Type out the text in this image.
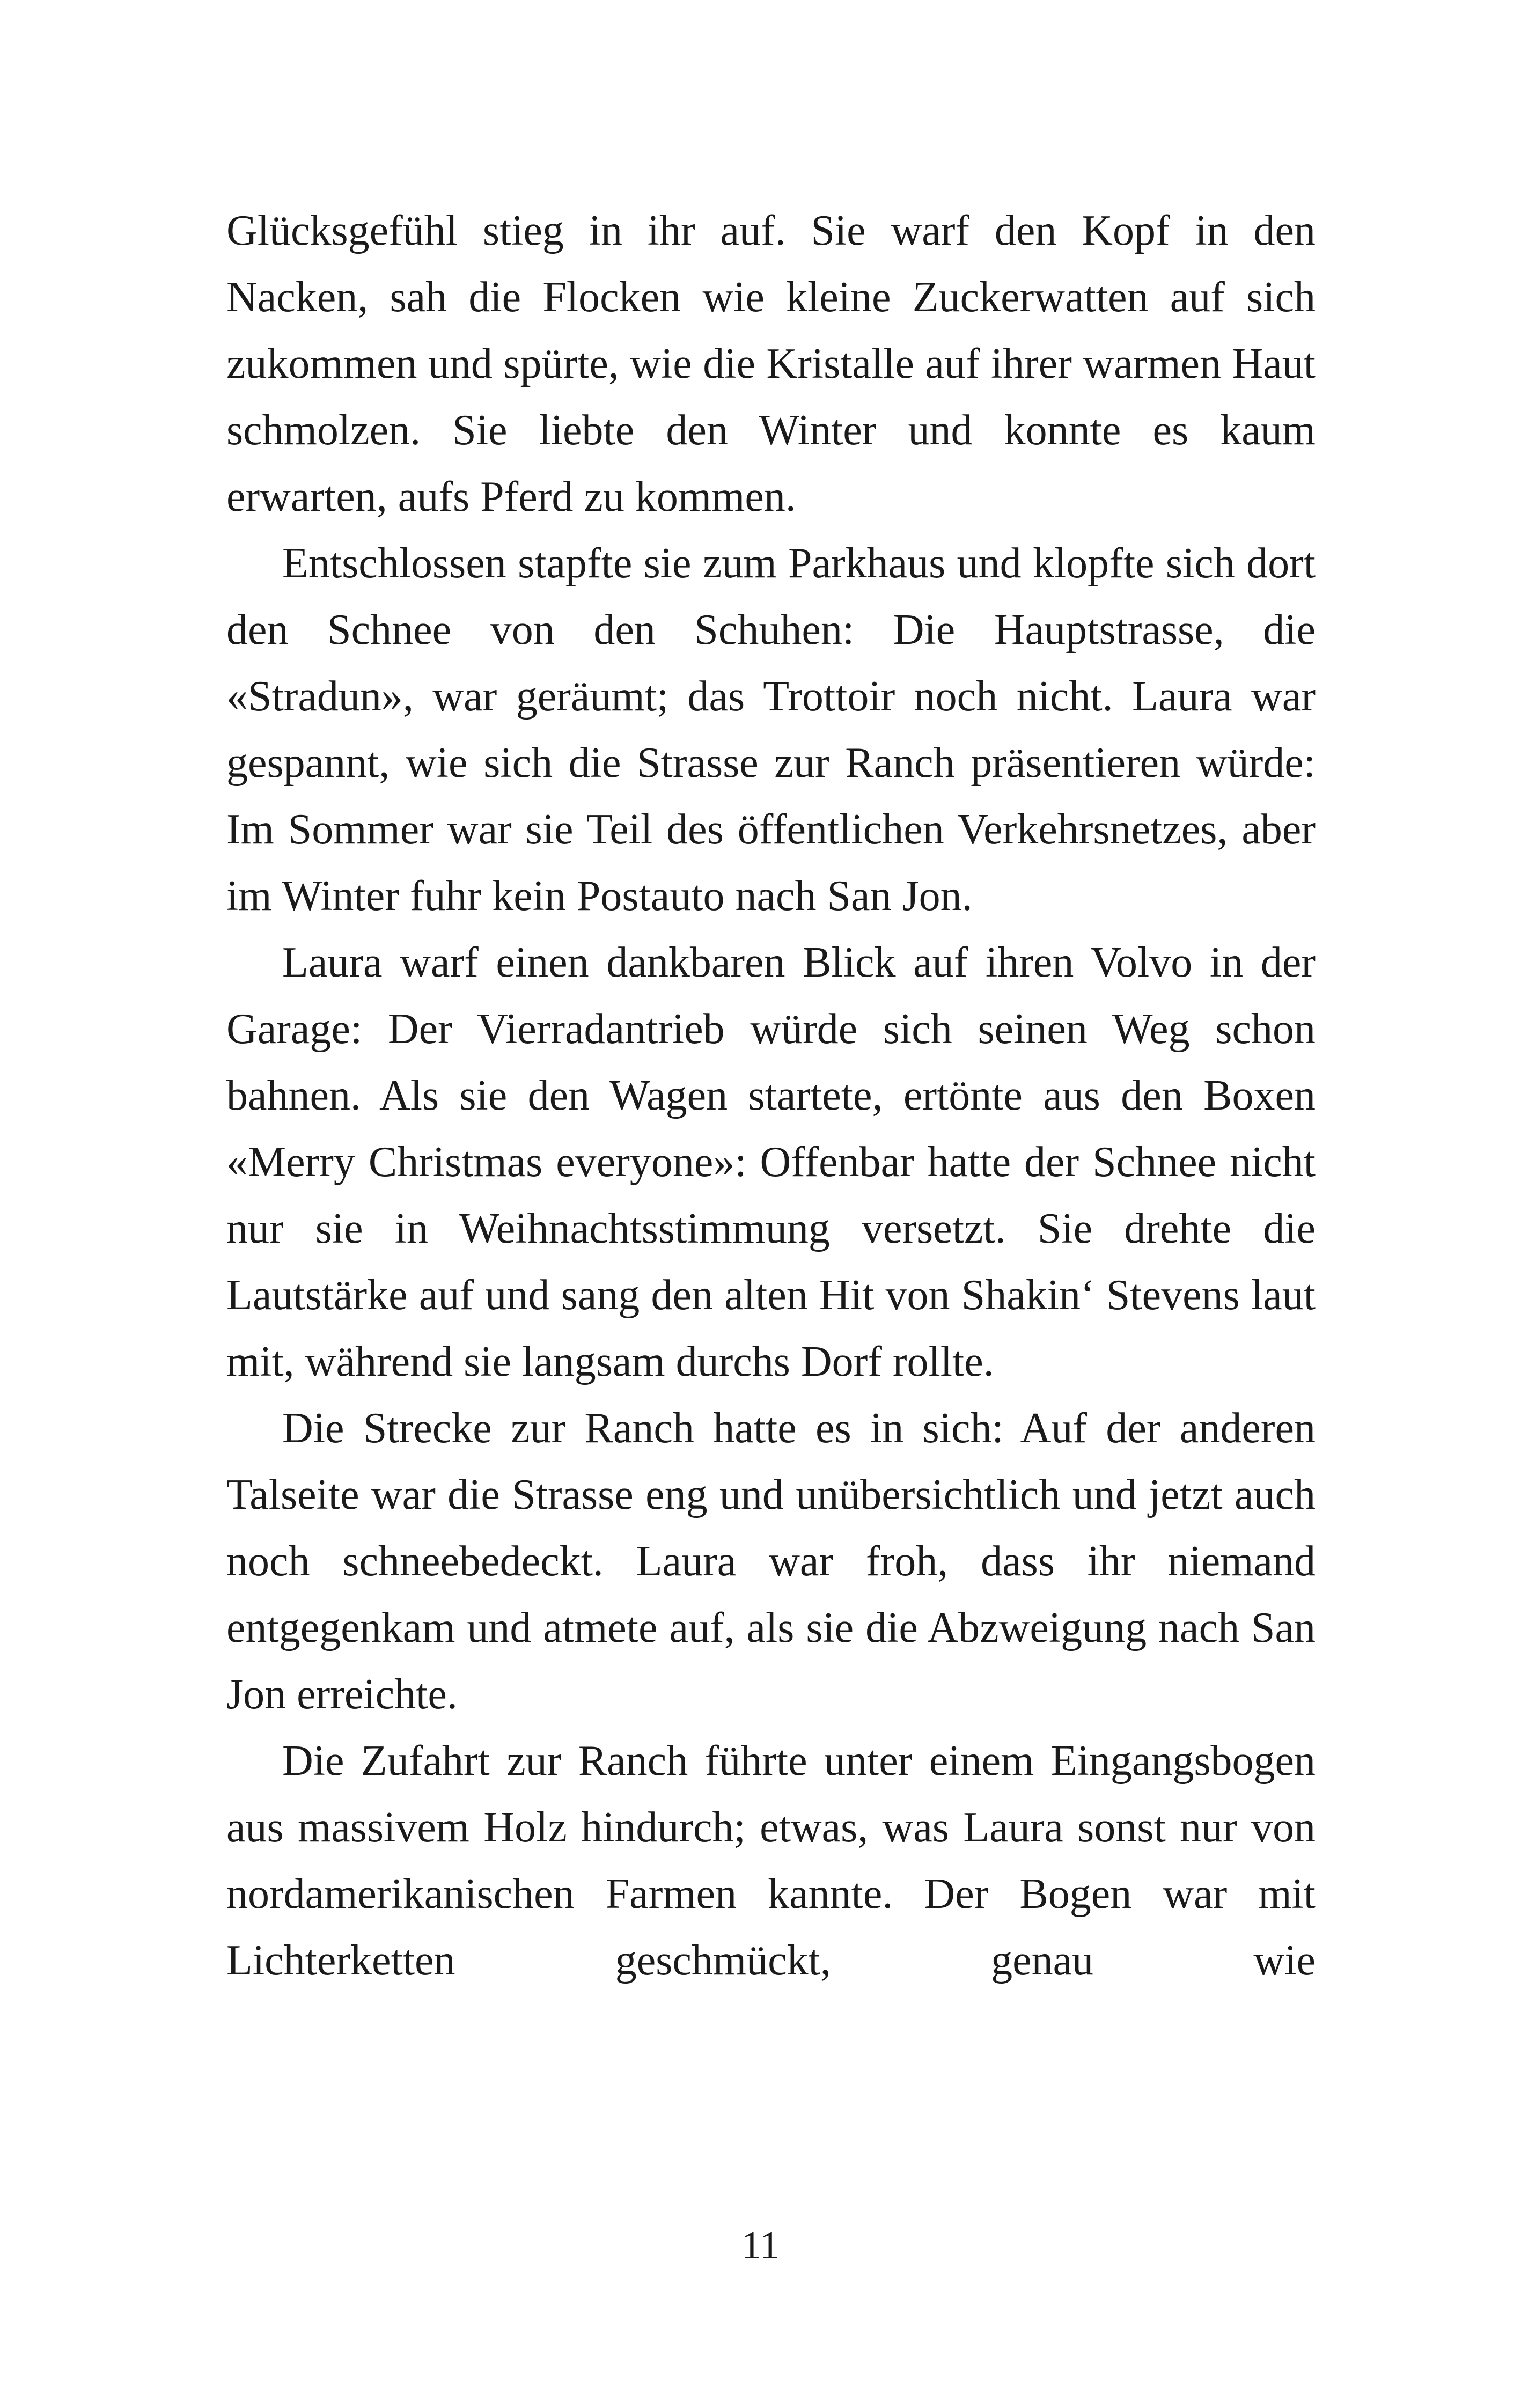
Glücksgefühl stieg in ihr auf. Sie warf den Kopf in den Nacken, sah die Flocken wie kleine Zuckerwatten auf sich zukommen und spürte, wie die Kristalle auf ihrer warmen Haut schmolzen. Sie liebte den Winter und konnte es kaum erwarten, aufs Pferd zu kommen.

Entschlossen stapfte sie zum Parkhaus und klopfte sich dort den Schnee von den Schuhen: Die Hauptstrasse, die «Stradun», war geräumt; das Trottoir noch nicht. Laura war gespannt, wie sich die Strasse zur Ranch präsentieren würde: Im Sommer war sie Teil des öffentlichen Verkehrsnetzes, aber im Winter fuhr kein Postauto nach San Jon.

Laura warf einen dankbaren Blick auf ihren Volvo in der Garage: Der Vierradantrieb würde sich seinen Weg schon bahnen. Als sie den Wagen startete, ertönte aus den Boxen «Merry Christmas everyone»: Offenbar hatte der Schnee nicht nur sie in Weihnachtsstimmung versetzt. Sie drehte die Lautstärke auf und sang den alten Hit von Shakin‘ Stevens laut mit, während sie langsam durchs Dorf rollte.

Die Strecke zur Ranch hatte es in sich: Auf der anderen Talseite war die Strasse eng und unübersichtlich und jetzt auch noch schneebedeckt. Laura war froh, dass ihr niemand entgegenkam und atmete auf, als sie die Abzweigung nach San Jon erreichte.

Die Zufahrt zur Ranch führte unter einem Eingangsbogen aus massivem Holz hindurch; etwas, was Laura sonst nur von nordamerikanischen Farmen kannte. Der Bogen war mit Lichterketten geschmückt, genau wie

11
